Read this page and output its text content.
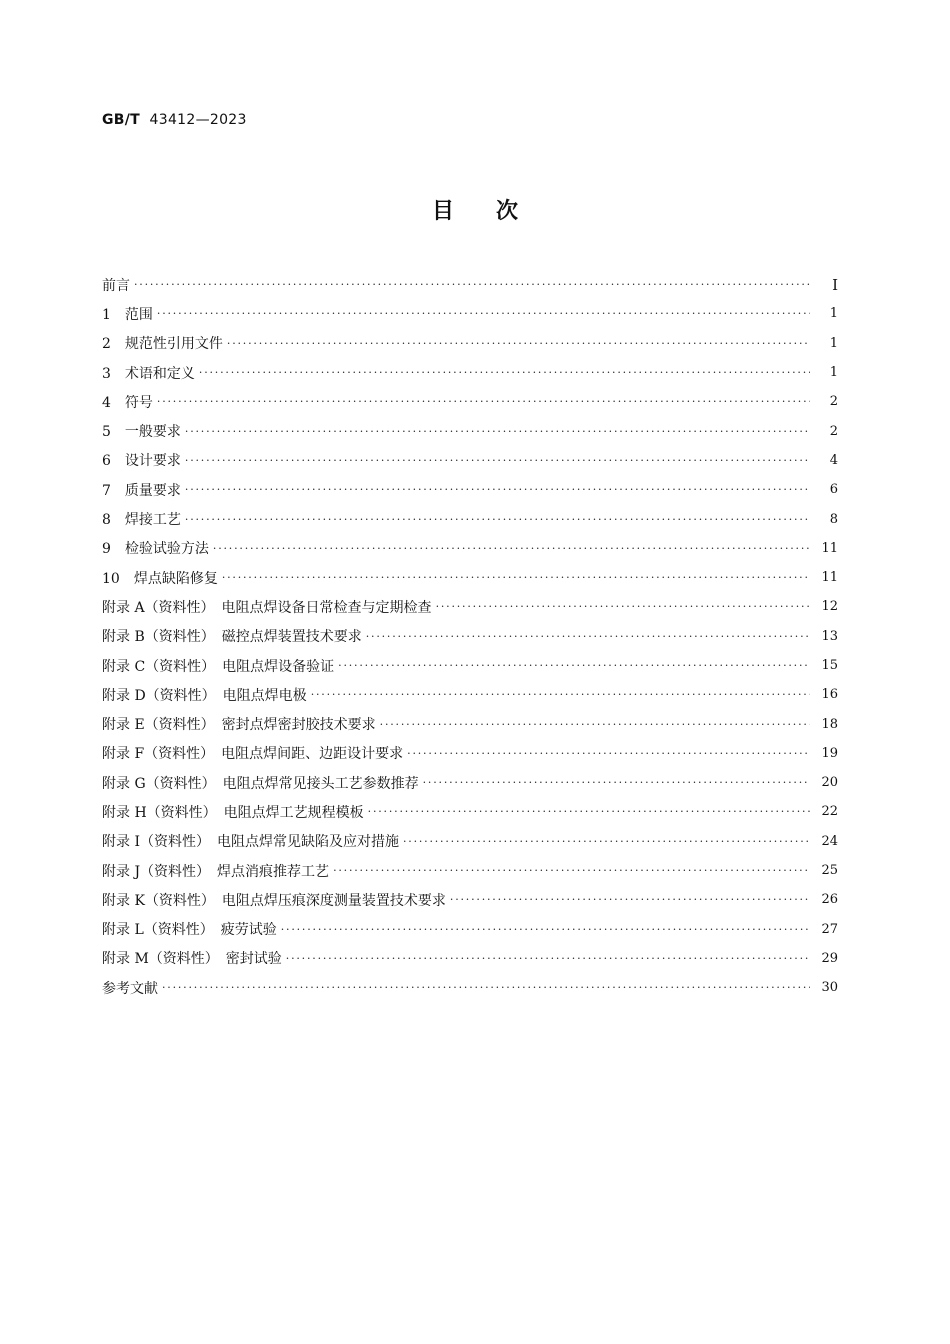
GB/T 43412—2023
目次
前言 ·····	I
1　范围 ·····	1
2　规范性引用文件 ·····	1
3　术语和定义 ·····	1
4　符号 ·····	2
5　一般要求 ·····	2
6　设计要求 ·····	4
7　质量要求 ·····	6
8　焊接工艺 ·····	8
9　检验试验方法 ·····	11
10　焊点缺陷修复 ·····	11
附录 A（资料性）　电阻点焊设备日常检查与定期检查 ·····	12
附录 B（资料性）　磁控点焊装置技术要求 ·····	13
附录 C（资料性）　电阻点焊设备验证 ·····	15
附录 D（资料性）　电阻点焊电极 ·····	16
附录 E（资料性）　密封点焊密封胶技术要求 ·····	18
附录 F（资料性）　电阻点焊间距、边距设计要求 ·····	19
附录 G（资料性）　电阻点焊常见接头工艺参数推荐 ·····	20
附录 H（资料性）　电阻点焊工艺规程模板 ·····	22
附录 I（资料性）　电阻点焊常见缺陷及应对措施 ·····	24
附录 J（资料性）　焊点消痕推荐工艺 ·····	25
附录 K（资料性）　电阻点焊压痕深度测量装置技术要求 ·····	26
附录 L（资料性）　疲劳试验 ·····	27
附录 M（资料性）　密封试验 ·····	29
参考文献 ·····	30
